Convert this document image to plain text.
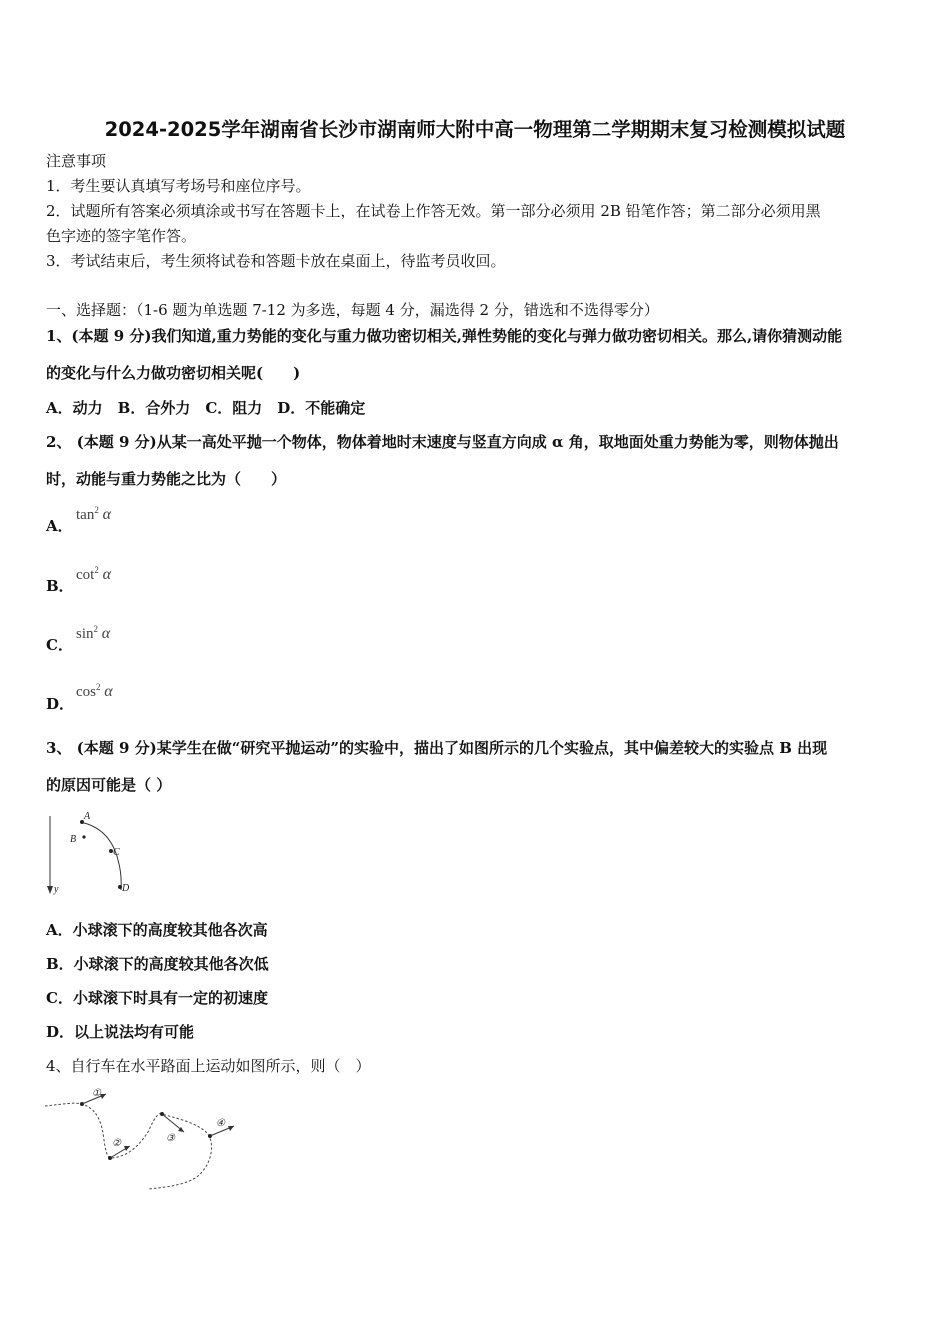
2024-2025学年湖南省长沙市湖南师大附中高一物理第二学期期末复习检测模拟试题
注意事项
1．考生要认真填写考场号和座位序号。
2．试题所有答案必须填涂或书写在答题卡上，在试卷上作答无效。第一部分必须用 2B 铅笔作答；第二部分必须用黑
色字迹的签字笔作答。
3．考试结束后，考生须将试卷和答题卡放在桌面上，待监考员收回。
一、选择题：（1-6 题为单选题 7-12 为多选，每题 4 分，漏选得 2 分，错选和不选得零分）
1、(本题 9 分)我们知道,重力势能的变化与重力做功密切相关,弹性势能的变化与弹力做功密切相关。那么,请你猜测动能
的变化与什么力做功密切相关呢(　　)
A．动力　B．合外力　C．阻力　D．不能确定
2、 (本题 9 分)从某一高处平抛一个物体，物体着地时末速度与竖直方向成 α 角，取地面处重力势能为零，则物体抛出
时，动能与重力势能之比为（　　）
A．
$\tan^2 \alpha$
B．
$\cot^2 \alpha$
C．
$\sin^2 \alpha$
D．
$\cos^2 \alpha$
3、 (本题 9 分)某学生在做“研究平抛运动”的实验中，描出了如图所示的几个实验点，其中偏差较大的实验点 B 出现
的原因可能是（ ）
y
A
B
C
D
A．小球滚下的高度较其他各次高
B．小球滚下的高度较其他各次低
C．小球滚下时具有一定的初速度
D．以上说法均有可能
4、自行车在水平路面上运动如图所示，则（　）
①
②	③
④
